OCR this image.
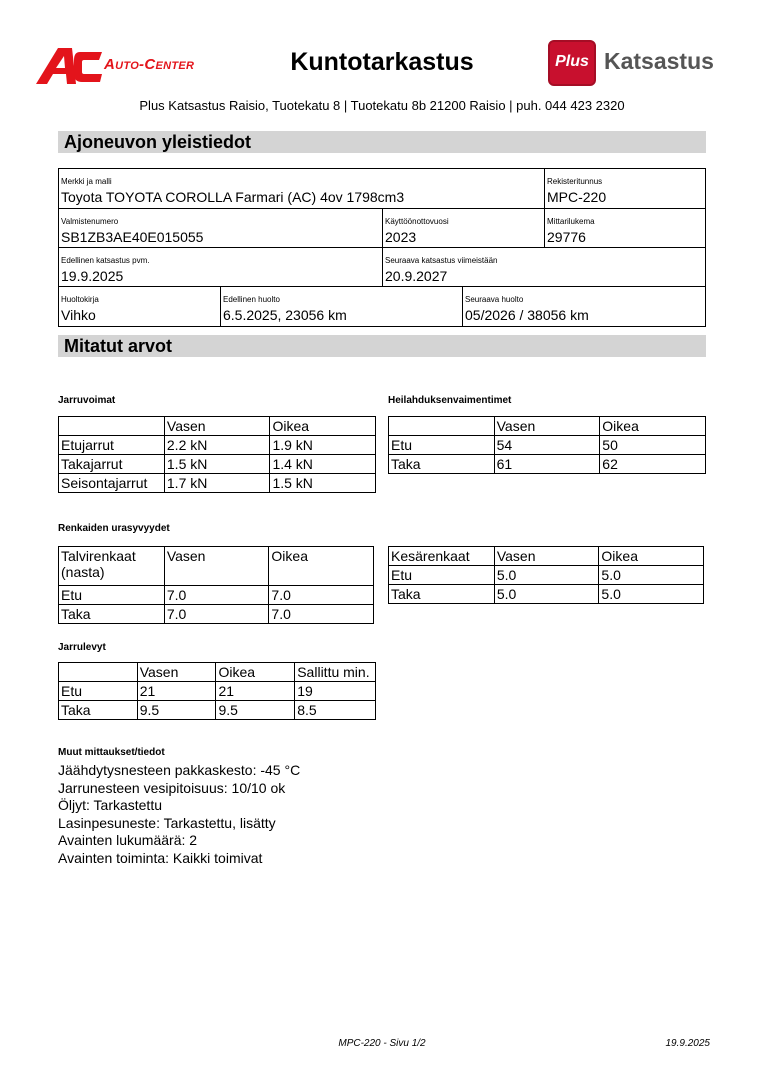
Auto-Center	Kuntotarkastus	Plus Katsastus
Plus Katsastus Raisio, Tuotekatu 8 | Tuotekatu 8b 21200 Raisio | puh. 044 423 2320
Ajoneuvon yleistiedot
Merkki ja malli
Toyota TOYOTA COROLLA Farmari (AC) 4ov 1798cm3
Rekisteritunnus
MPC-220
Valmistenumero
SB1ZB3AE40E015055
Käyttöönottovuosi
2023
Mittarilukema
29776
Edellinen katsastus pvm.
19.9.2025
Seuraava katsastus viimeistään
20.9.2027
Huoltokirja
Vihko
Edellinen huolto
6.5.2025, 23056 km
Seuraava huolto
05/2026 / 38056 km
Mitatut arvot
Jarruvoimat
	Vasen	Oikea
Etujarrut	2.2 kN	1.9 kN
Takajarrut	1.5 kN	1.4 kN
Seisontajarrut	1.7 kN	1.5 kN
Heilahduksenvaimentimet
	Vasen	Oikea
Etu	54	50
Taka	61	62
Renkaiden urasyvyydet
Talvirenkaat (nasta)	Vasen	Oikea
Etu	7.0	7.0
Taka	7.0	7.0
Kesärenkaat	Vasen	Oikea
Etu	5.0	5.0
Taka	5.0	5.0
Jarrulevyt
	Vasen	Oikea	Sallittu min.
Etu	21	21	19
Taka	9.5	9.5	8.5
Muut mittaukset/tiedot
Jäähdytysnesteen pakkaskesto: -45 °C
Jarrunesteen vesipitoisuus: 10/10 ok
Öljyt: Tarkastettu
Lasinpesuneste: Tarkastettu, lisätty
Avainten lukumäärä: 2
Avainten toiminta: Kaikki toimivat
MPC-220 - Sivu 1/2	19.9.2025
